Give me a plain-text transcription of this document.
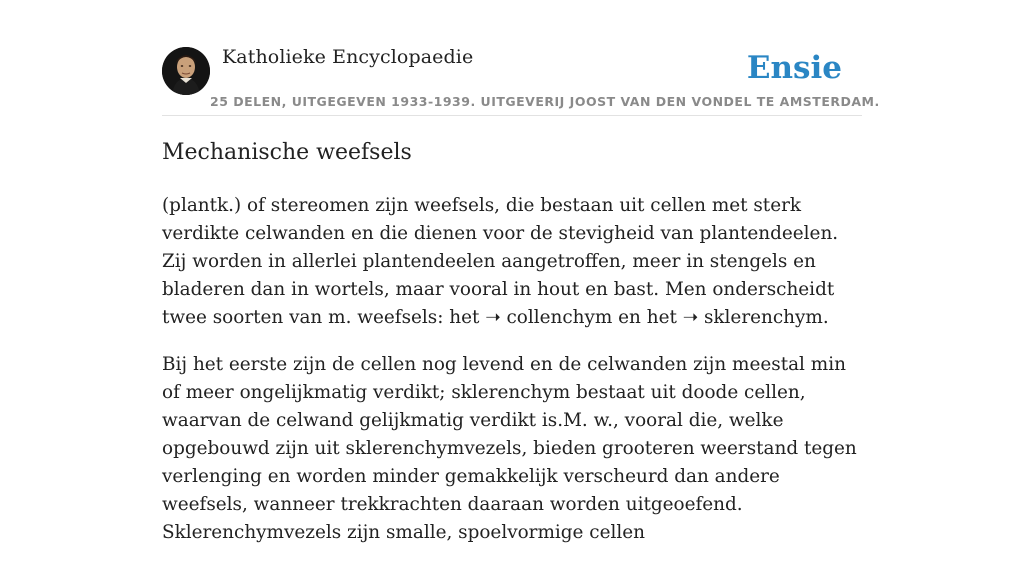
Katholieke Encyclopaedie
25 DELEN, UITGEGEVEN 1933-1939. UITGEVERIJ JOOST VAN DEN VONDEL TE AMSTERDAM.
Ensie
Mechanische weefsels

(plantk.) of stereomen zijn weefsels, die bestaan uit cellen met sterk verdikte celwanden en die dienen voor de stevigheid van plantendeelen. Zij worden in allerlei plantendeelen aangetroffen, meer in stengels en bladeren dan in wortels, maar vooral in hout en bast. Men onderscheidt twee soorten van m. weefsels: het ➝ collenchym en het ➝ sklerenchym.

Bij het eerste zijn de cellen nog levend en de celwanden zijn meestal min of meer ongelijkmatig verdikt; sklerenchym bestaat uit doode cellen, waarvan de celwand gelijkmatig verdikt is.M. w., vooral die, welke opgebouwd zijn uit sklerenchymvezels, bieden grooteren weerstand tegen verlenging en worden minder gemakkelijk verscheurd dan andere weefsels, wanneer trekkrachten daaraan worden uitgeoefend. Sklerenchymvezels zijn smalle, spoelvormige cellen
